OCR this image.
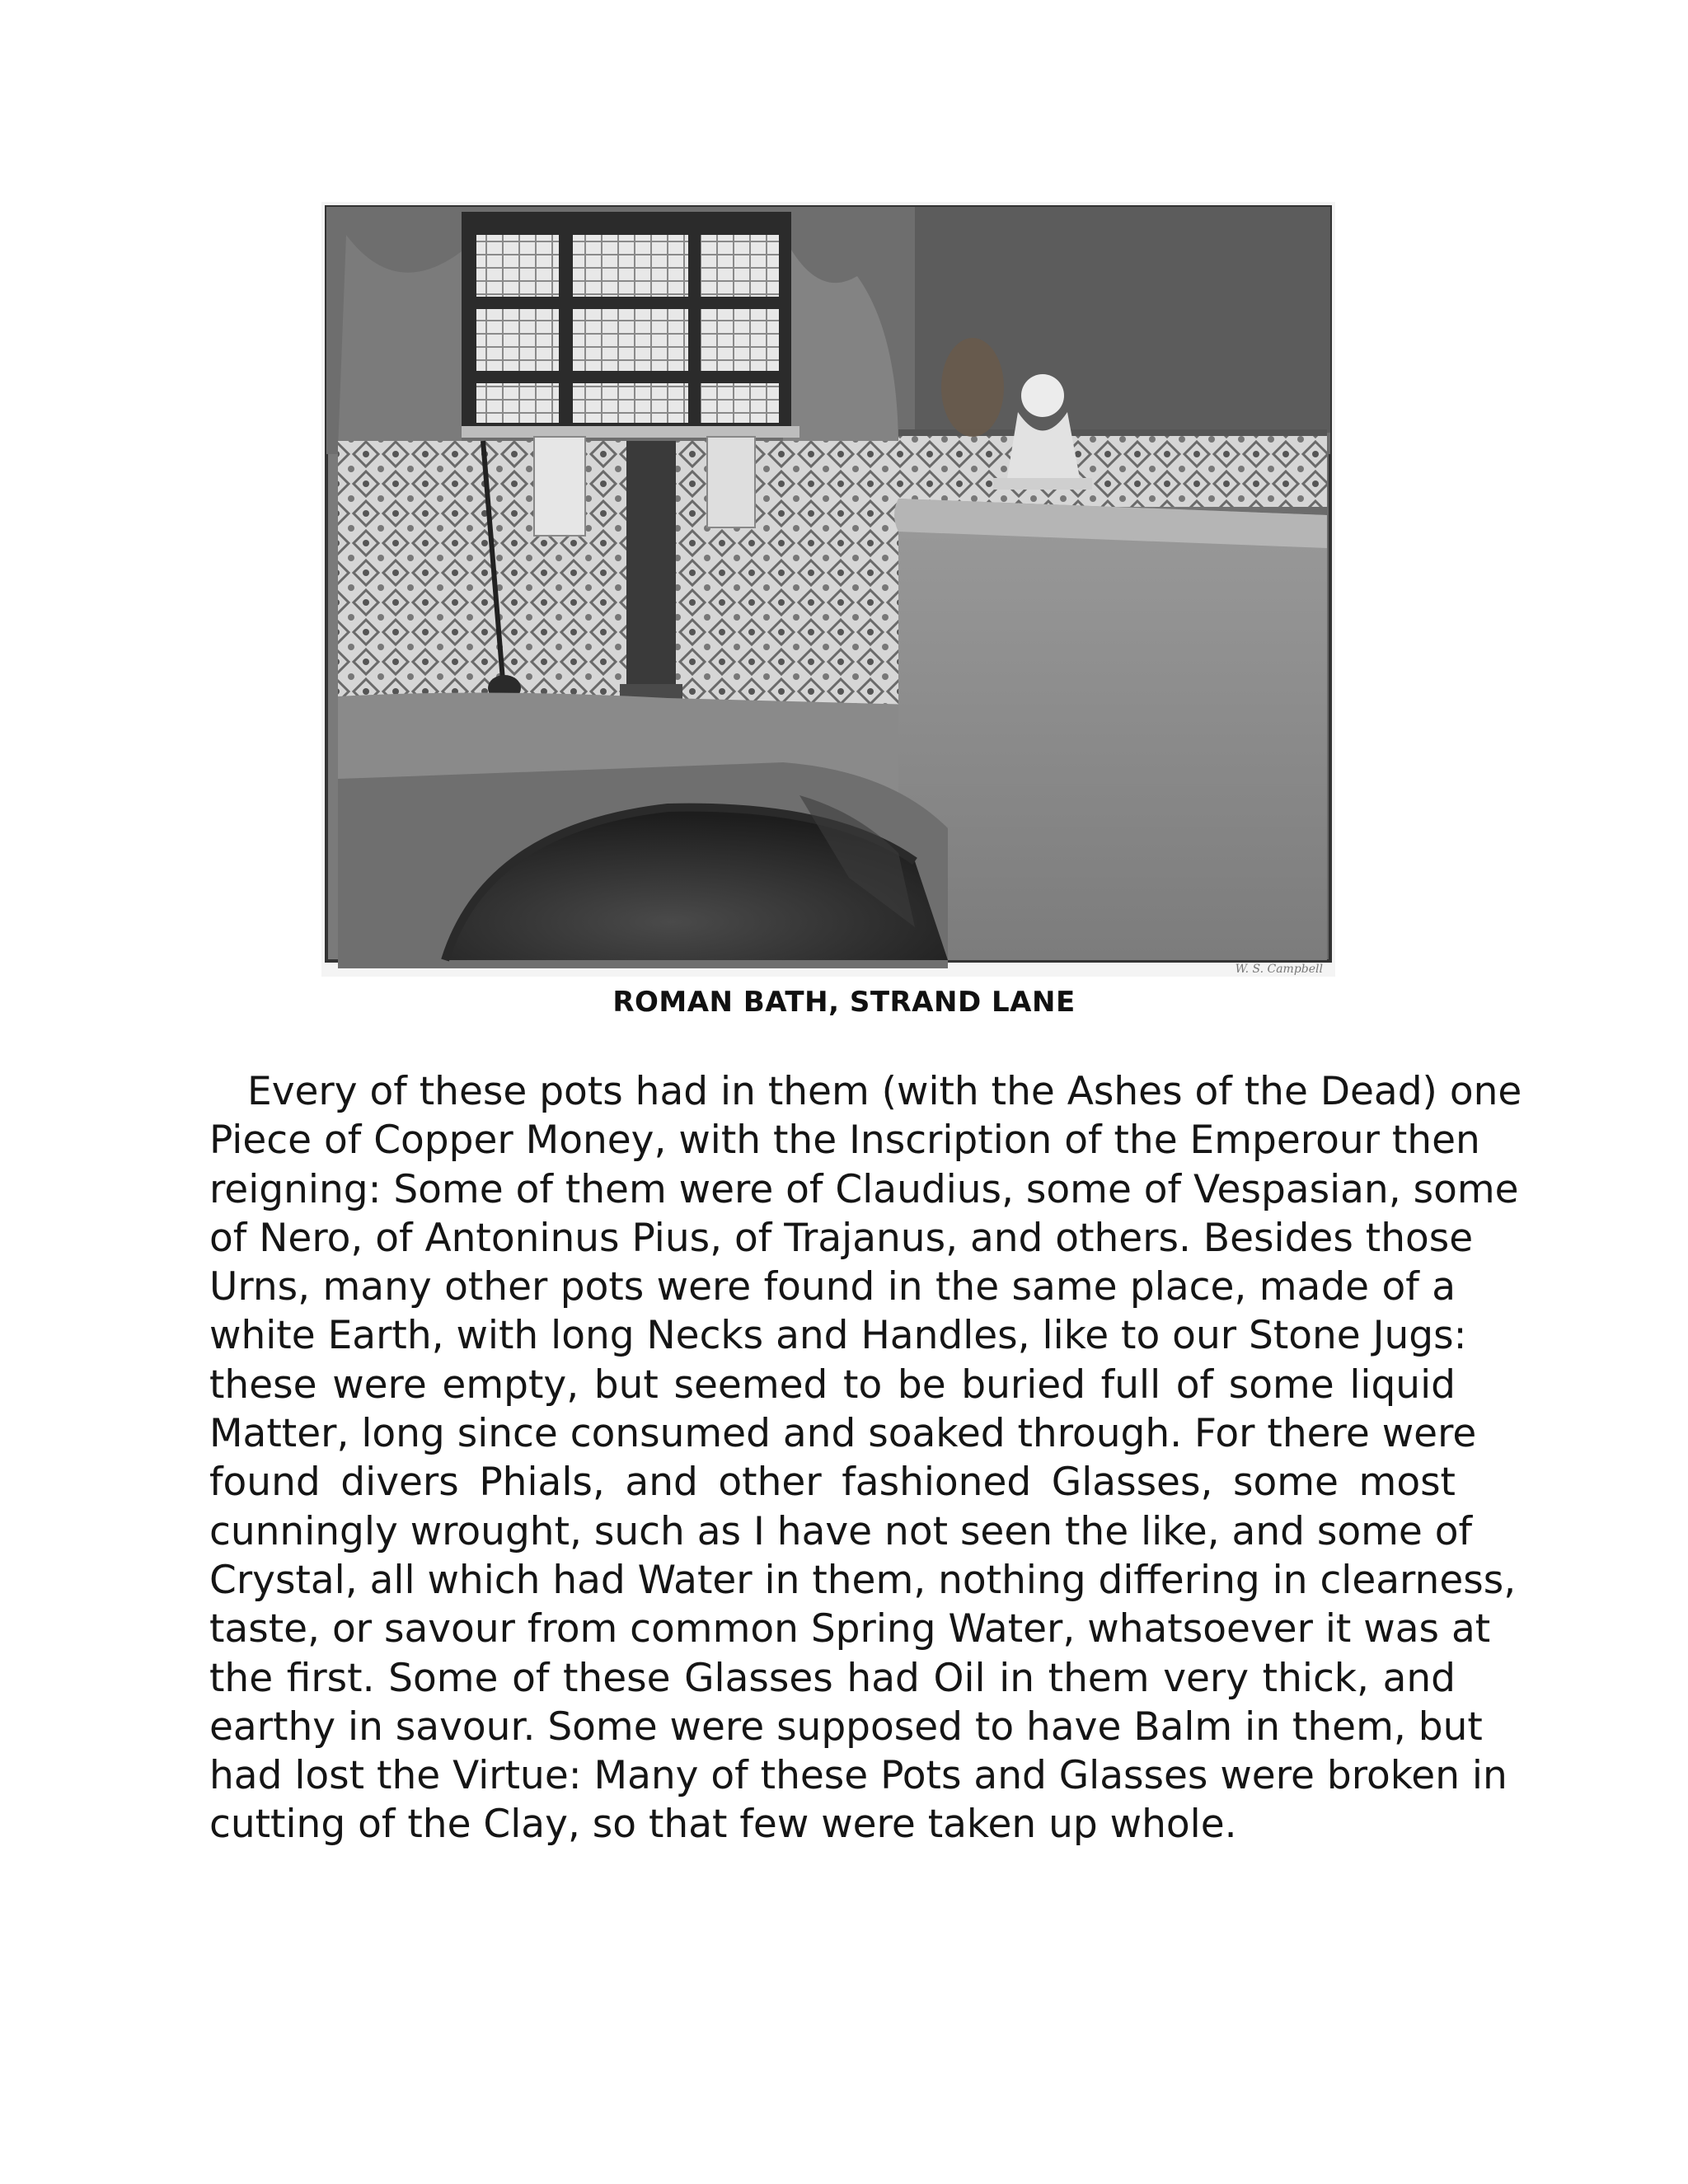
W. S. Campbell
ROMAN BATH, STRAND LANE
Every of these pots had in them (with the Ashes of the Dead) one
Piece of Copper Money, with the Inscription of the Emperour then
reigning: Some of them were of Claudius, some of Vespasian, some
of Nero, of Antoninus Pius, of Trajanus, and others. Besides those
Urns, many other pots were found in the same place, made of a
white Earth, with long Necks and Handles, like to our Stone Jugs:
these were empty, but seemed to be buried full of some liquid
Matter, long since consumed and soaked through. For there were
found divers Phials, and other fashioned Glasses, some most
cunningly wrought, such as I have not seen the like, and some of
Crystal, all which had Water in them, nothing differing in clearness,
taste, or savour from common Spring Water, whatsoever it was at
the first. Some of these Glasses had Oil in them very thick, and
earthy in savour. Some were supposed to have Balm in them, but
had lost the Virtue: Many of these Pots and Glasses were broken in
cutting of the Clay, so that few were taken up whole.
